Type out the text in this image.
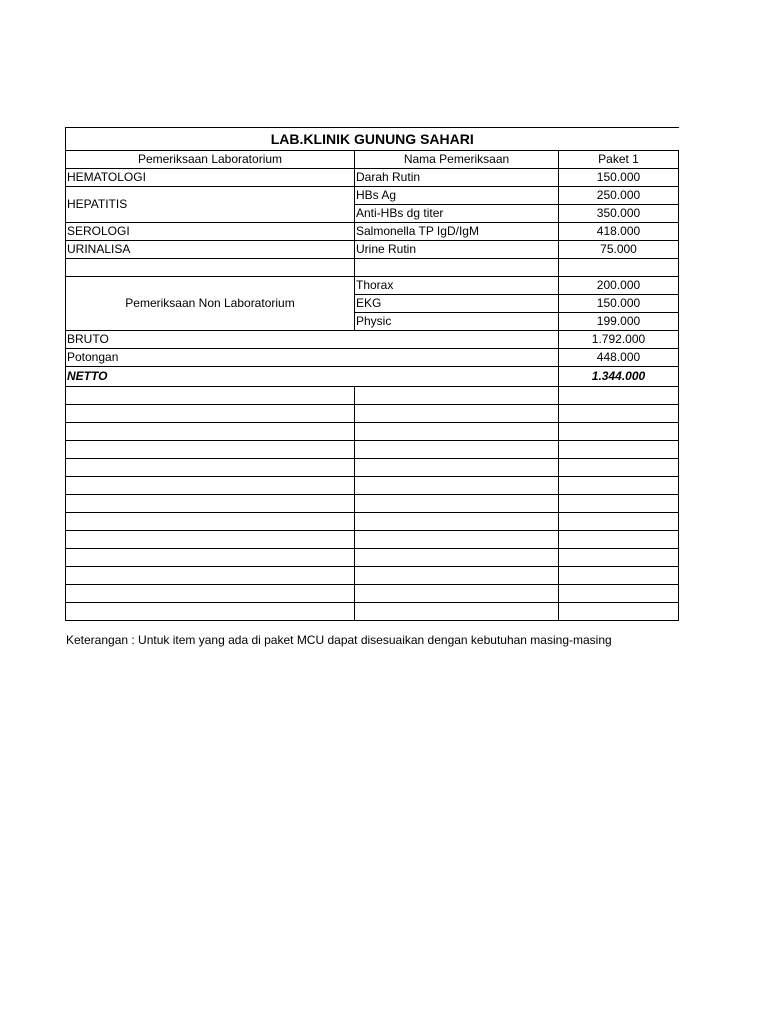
LAB.KLINIK GUNUNG SAHARI		
Pemeriksaan Laboratorium	Nama Pemeriksaan	Paket 1
HEMATOLOGI	Darah Rutin	150.000
HEPATITIS	HBs Ag	250.000
	Anti-HBs dg titer	350.000
SEROLOGI	Salmonella TP IgD/IgM	418.000
URINALISA	Urine Rutin	75.000

Pemeriksaan Non Laboratorium	Thorax	200.000
	EKG	150.000
	Physic	199.000
BRUTO		1.792.000
Potongan		448.000
NETTO		1.344.000

Keterangan : Untuk item yang ada di paket MCU dapat disesuaikan dengan kebutuhan masing-masing
